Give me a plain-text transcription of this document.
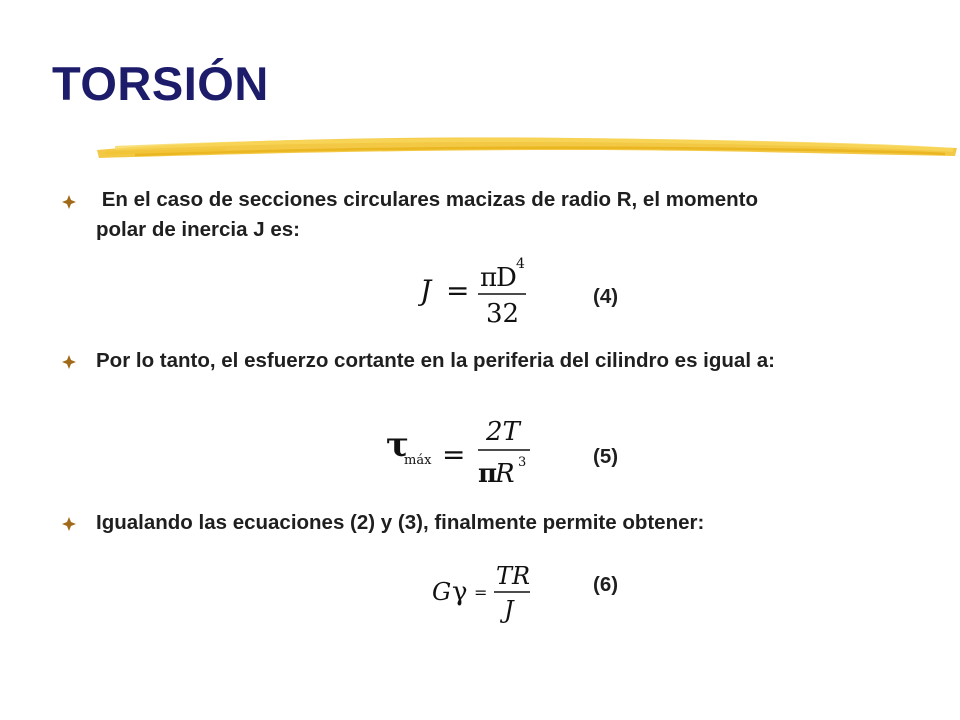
TORSIÓN
En el caso de secciones circulares macizas de radio R, el momento
polar de inercia J es:
J = π
D 4
32
(4)
Por lo tanto, el esfuerzo cortante en la periferia del cilindro es igual a:
τ
máx =
2T
π
R 3	(5)
Igualando las ecuaciones (2) y (3), finalmente permite obtener:
G γ =
TR
J
(6)
